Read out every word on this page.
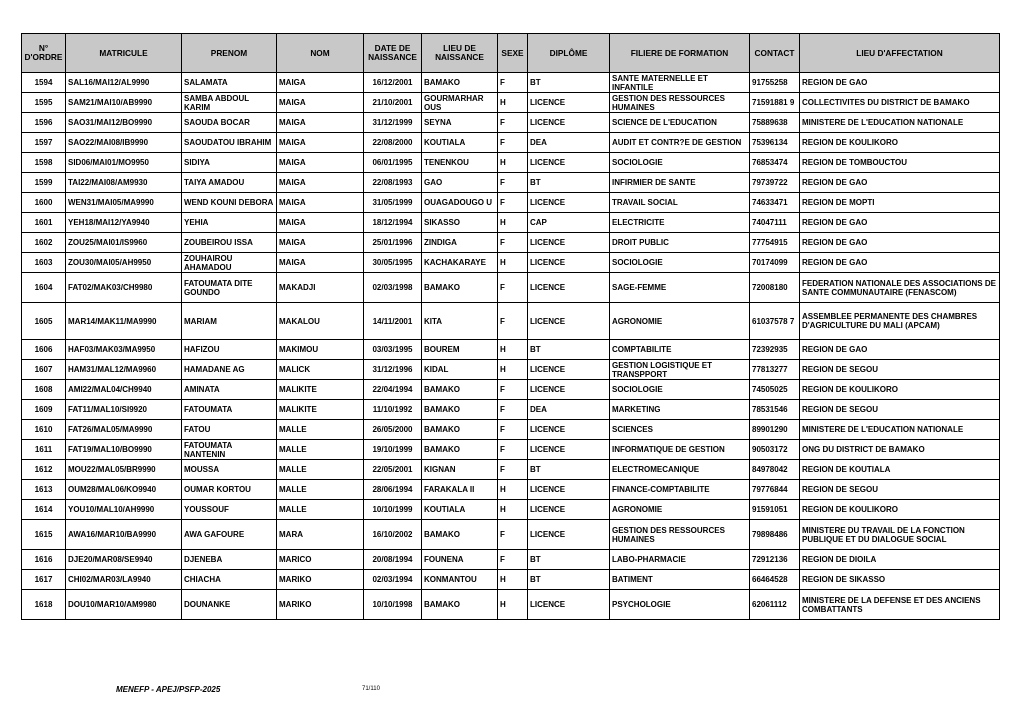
N° D'ORDRE	MATRICULE	PRENOM	NOM	DATE DE NAISSANCE	LIEU DE NAISSANCE	SEXE	DIPLÔME	FILIERE DE FORMATION	CONTACT	LIEU D'AFFECTATION
1594	SAL16/MAI12/AL9990	SALAMATA	MAIGA	16/12/2001	BAMAKO	F	BT	SANTE MATERNELLE ET INFANTILE	91755258	REGION DE GAO
1595	SAM21/MAI10/AB9990	SAMBA ABDOUL KARIM	MAIGA	21/10/2001	GOURMARHAR OUS	H	LICENCE	GESTION DES RESSOURCES HUMAINES	71591881 9	COLLECTIVITES DU DISTRICT DE BAMAKO
1596	SAO31/MAI12/BO9990	SAOUDA BOCAR	MAIGA	31/12/1999	SEYNA	F	LICENCE	SCIENCE DE L'EDUCATION	75889638	MINISTERE DE L'EDUCATION NATIONALE
1597	SAO22/MAI08/IB9990	SAOUDATOU IBRAHIM	MAIGA	22/08/2000	KOUTIALA	F	DEA	AUDIT ET CONTR?E DE GESTION	75396134	REGION DE KOULIKORO
1598	SID06/MAI01/MO9950	SIDIYA	MAIGA	06/01/1995	TENENKOU	H	LICENCE	SOCIOLOGIE	76853474	REGION DE TOMBOUCTOU
1599	TAI22/MAI08/AM9930	TAIYA AMADOU	MAIGA	22/08/1993	GAO	F	BT	INFIRMIER DE SANTE	79739722	REGION DE GAO
1600	WEN31/MAI05/MA9990	WEND KOUNI DEBORA	MAIGA	31/05/1999	OUAGADOUGO U	F	LICENCE	TRAVAIL SOCIAL	74633471	REGION DE MOPTI
1601	YEH18/MAI12/YA9940	YEHIA	MAIGA	18/12/1994	SIKASSO	H	CAP	ELECTRICITE	74047111	REGION DE GAO
1602	ZOU25/MAI01/IS9960	ZOUBEIROU ISSA	MAIGA	25/01/1996	ZINDIGA	F	LICENCE	DROIT PUBLIC	77754915	REGION DE GAO
1603	ZOU30/MAI05/AH9950	ZOUHAIROU AHAMADOU	MAIGA	30/05/1995	KACHAKARAYE	H	LICENCE	SOCIOLOGIE	70174099	REGION DE GAO
1604	FAT02/MAK03/CH9980	FATOUMATA DITE GOUNDO	MAKADJI	02/03/1998	BAMAKO	F	LICENCE	SAGE-FEMME	72008180	FEDERATION NATIONALE DES ASSOCIATIONS DE SANTE COMMUNAUTAIRE (FENASCOM)
1605	MAR14/MAK11/MA9990	MARIAM	MAKALOU	14/11/2001	KITA	F	LICENCE	AGRONOMIE	61037578 7	ASSEMBLEE PERMANENTE DES CHAMBRES D'AGRICULTURE DU MALI (APCAM)
1606	HAF03/MAK03/MA9950	HAFIZOU	MAKIMOU	03/03/1995	BOUREM	H	BT	COMPTABILITE	72392935	REGION DE GAO
1607	HAM31/MAL12/MA9960	HAMADANE AG	MALICK	31/12/1996	KIDAL	H	LICENCE	GESTION LOGISTIQUE ET TRANSPPORT	77813277	REGION DE SEGOU
1608	AMI22/MAL04/CH9940	AMINATA	MALIKITE	22/04/1994	BAMAKO	F	LICENCE	SOCIOLOGIE	74505025	REGION DE KOULIKORO
1609	FAT11/MAL10/SI9920	FATOUMATA	MALIKITE	11/10/1992	BAMAKO	F	DEA	MARKETING	78531546	REGION DE SEGOU
1610	FAT26/MAL05/MA9990	FATOU	MALLE	26/05/2000	BAMAKO	F	LICENCE	SCIENCES	89901290	MINISTERE DE L'EDUCATION NATIONALE
1611	FAT19/MAL10/BO9990	FATOUMATA NANTENIN	MALLE	19/10/1999	BAMAKO	F	LICENCE	INFORMATIQUE DE GESTION	90503172	ONG DU DISTRICT DE BAMAKO
1612	MOU22/MAL05/BR9990	MOUSSA	MALLE	22/05/2001	KIGNAN	F	BT	ELECTROMECANIQUE	84978042	REGION DE KOUTIALA
1613	OUM28/MAL06/KO9940	OUMAR KORTOU	MALLE	28/06/1994	FARAKALA II	H	LICENCE	FINANCE-COMPTABILITE	79776844	REGION DE SEGOU
1614	YOU10/MAL10/AH9990	YOUSSOUF	MALLE	10/10/1999	KOUTIALA	H	LICENCE	AGRONOMIE	91591051	REGION DE KOULIKORO
1615	AWA16/MAR10/BA9990	AWA GAFOURE	MARA	16/10/2002	BAMAKO	F	LICENCE	GESTION DES RESSOURCES HUMAINES	79898486	MINISTERE DU TRAVAIL DE LA FONCTION PUBLIQUE ET DU DIALOGUE SOCIAL
1616	DJE20/MAR08/SE9940	DJENEBA	MARICO	20/08/1994	FOUNENA	F	BT	LABO-PHARMACIE	72912136	REGION DE DIOILA
1617	CHI02/MAR03/LA9940	CHIACHA	MARIKO	02/03/1994	KONMANTOU	H	BT	BATIMENT	66464528	REGION DE SIKASSO
1618	DOU10/MAR10/AM9980	DOUNANKE	MARIKO	10/10/1998	BAMAKO	H	LICENCE	PSYCHOLOGIE	62061112	MINISTERE DE LA DEFENSE ET DES ANCIENS COMBATTANTS
MENEFP - APEJ/PSFP-2025	71/110
